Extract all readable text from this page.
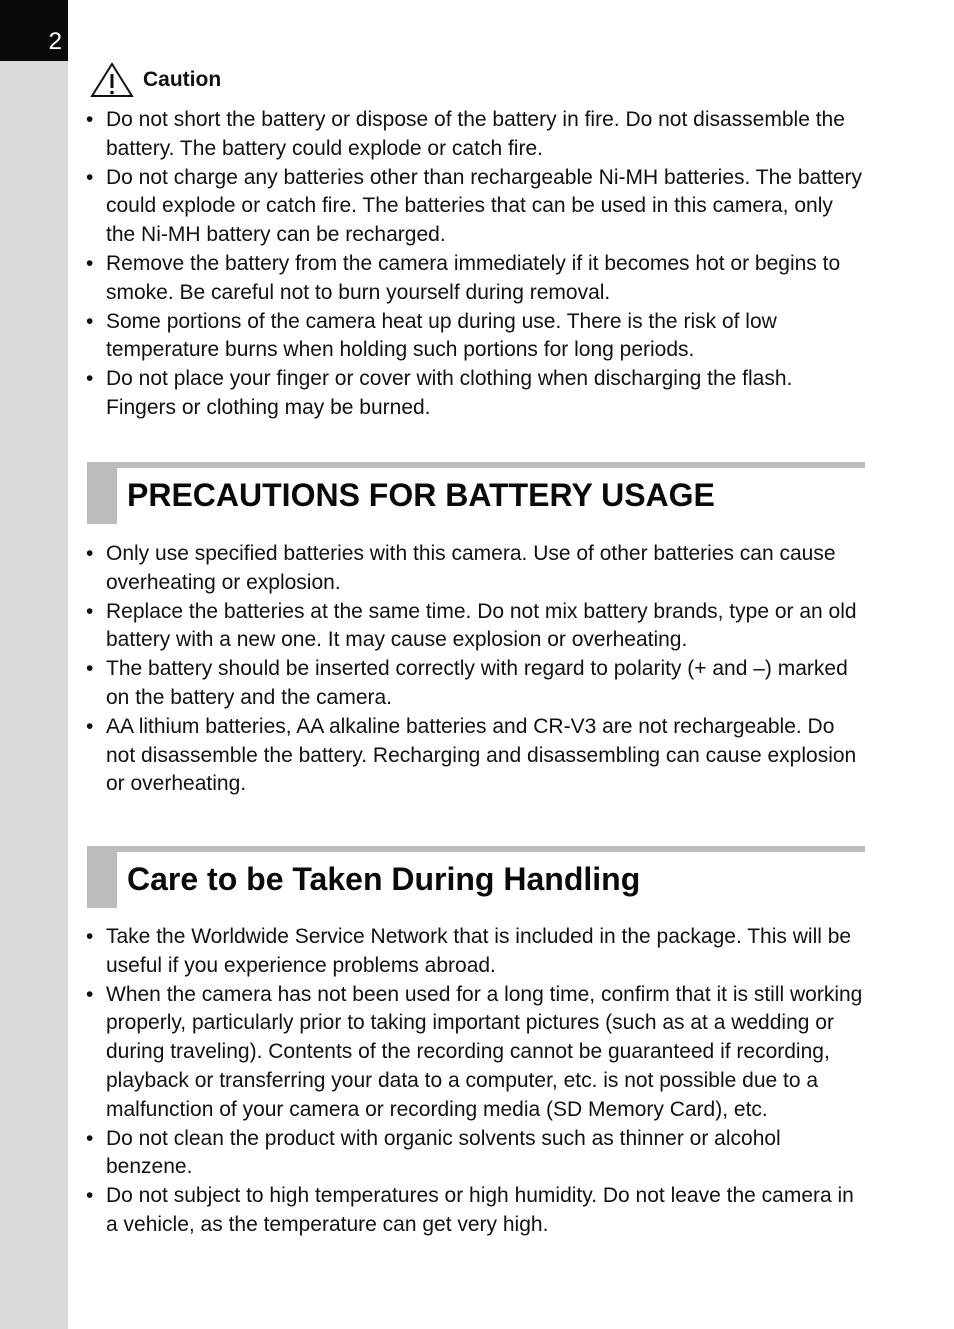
2
Caution
• Do not short the battery or dispose of the battery in fire. Do not disassemble the battery. The battery could explode or catch fire.
• Do not charge any batteries other than rechargeable Ni-MH batteries. The battery could explode or catch fire. The batteries that can be used in this camera, only the Ni-MH battery can be recharged.
• Remove the battery from the camera immediately if it becomes hot or begins to smoke. Be careful not to burn yourself during removal.
• Some portions of the camera heat up during use. There is the risk of low temperature burns when holding such portions for long periods.
• Do not place your finger or cover with clothing when discharging the flash. Fingers or clothing may be burned.
PRECAUTIONS FOR BATTERY USAGE
• Only use specified batteries with this camera. Use of other batteries can cause overheating or explosion.
• Replace the batteries at the same time. Do not mix battery brands, type or an old battery with a new one. It may cause explosion or overheating.
• The battery should be inserted correctly with regard to polarity (+ and –) marked on the battery and the camera.
• AA lithium batteries, AA alkaline batteries and CR-V3 are not rechargeable. Do not disassemble the battery. Recharging and disassembling can cause explosion or overheating.
Care to be Taken During Handling
• Take the Worldwide Service Network that is included in the package. This will be useful if you experience problems abroad.
• When the camera has not been used for a long time, confirm that it is still working properly, particularly prior to taking important pictures (such as at a wedding or during traveling). Contents of the recording cannot be guaranteed if recording, playback or transferring your data to a computer, etc. is not possible due to a malfunction of your camera or recording media (SD Memory Card), etc.
• Do not clean the product with organic solvents such as thinner or alcohol benzene.
• Do not subject to high temperatures or high humidity. Do not leave the camera in a vehicle, as the temperature can get very high.
